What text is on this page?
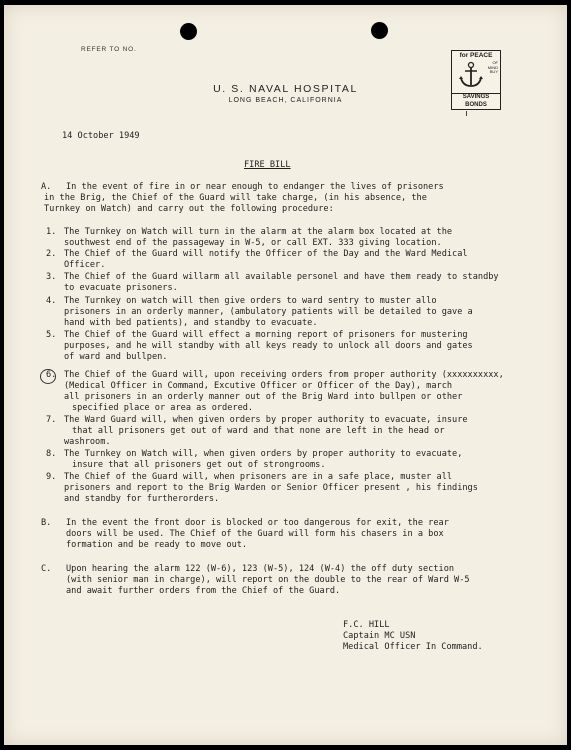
REFER TO NO.
U. S. NAVAL HOSPITAL
LONG BEACH, CALIFORNIA
for PEACE
OF
MIND
BUY
SAVINGS
BONDS
14 October 1949
FIRE BILL
A. In the event of fire in or near enough to endanger the lives of prisoners
in the Brig, the Chief of the Guard will take charge, (in his absence, the
Turnkey on Watch) and carry out the following procedure:
1. The Turnkey on Watch will turn in the alarm at the alarm box located at the
southwest end of the passageway in W-5, or call EXT. 333 giving location.
2. The Chief of the Guard will notify the Officer of the Day and the Ward Medical
Officer.
3. The Chief of the Guard willarm all available personel and have them ready to standby
to evacuate prisoners.
4. The Turnkey on watch will then give orders to ward sentry to muster allo
prisoners in an orderly manner, (ambulatory patients will be detailed to gave a
hand with bed patients), and standby to evacuate.
5. The Chief of the Guard will effect a morning report of prisoners for mustering
purposes, and he will standby with all keys ready to unlock all doors and gates
of ward and bullpen.
6. The Chief of the Guard will, upon receiving orders from proper authority (xxxxxxxxxx,
(Medical Officer in Command, Excutive Officer or Officer of the Day), march
all prisoners in an orderly manner out of the Brig Ward into bullpen or other
specified place or area as ordered.
7. The Ward Guard will, when given orders by proper authority to evacuate, insure
that all prisoners get out of ward and that none are left in the head or
washroom.
8. The Turnkey on Watch will, when given orders by proper authority to evacuate,
insure that all prisoners get out of strongrooms.
9. The Chief of the Guard will, when prisoners are in a safe place, muster all
prisoners and report to the Brig Warden or Senior Officer present , his findings
and standby for furtherorders.
B. In the event the front door is blocked or too dangerous for exit, the rear
doors will be used. The Chief of the Guard will form his chasers in a box
formation and be ready to move out.
C. Upon hearing the alarm 122 (W-6), 123 (W-5), 124 (W-4) the off duty section
(with senior man in charge), will report on the double to the rear of Ward W-5
and await further orders from the Chief of the Guard.
F.C. HILL
Captain MC USN
Medical Officer In Command.
